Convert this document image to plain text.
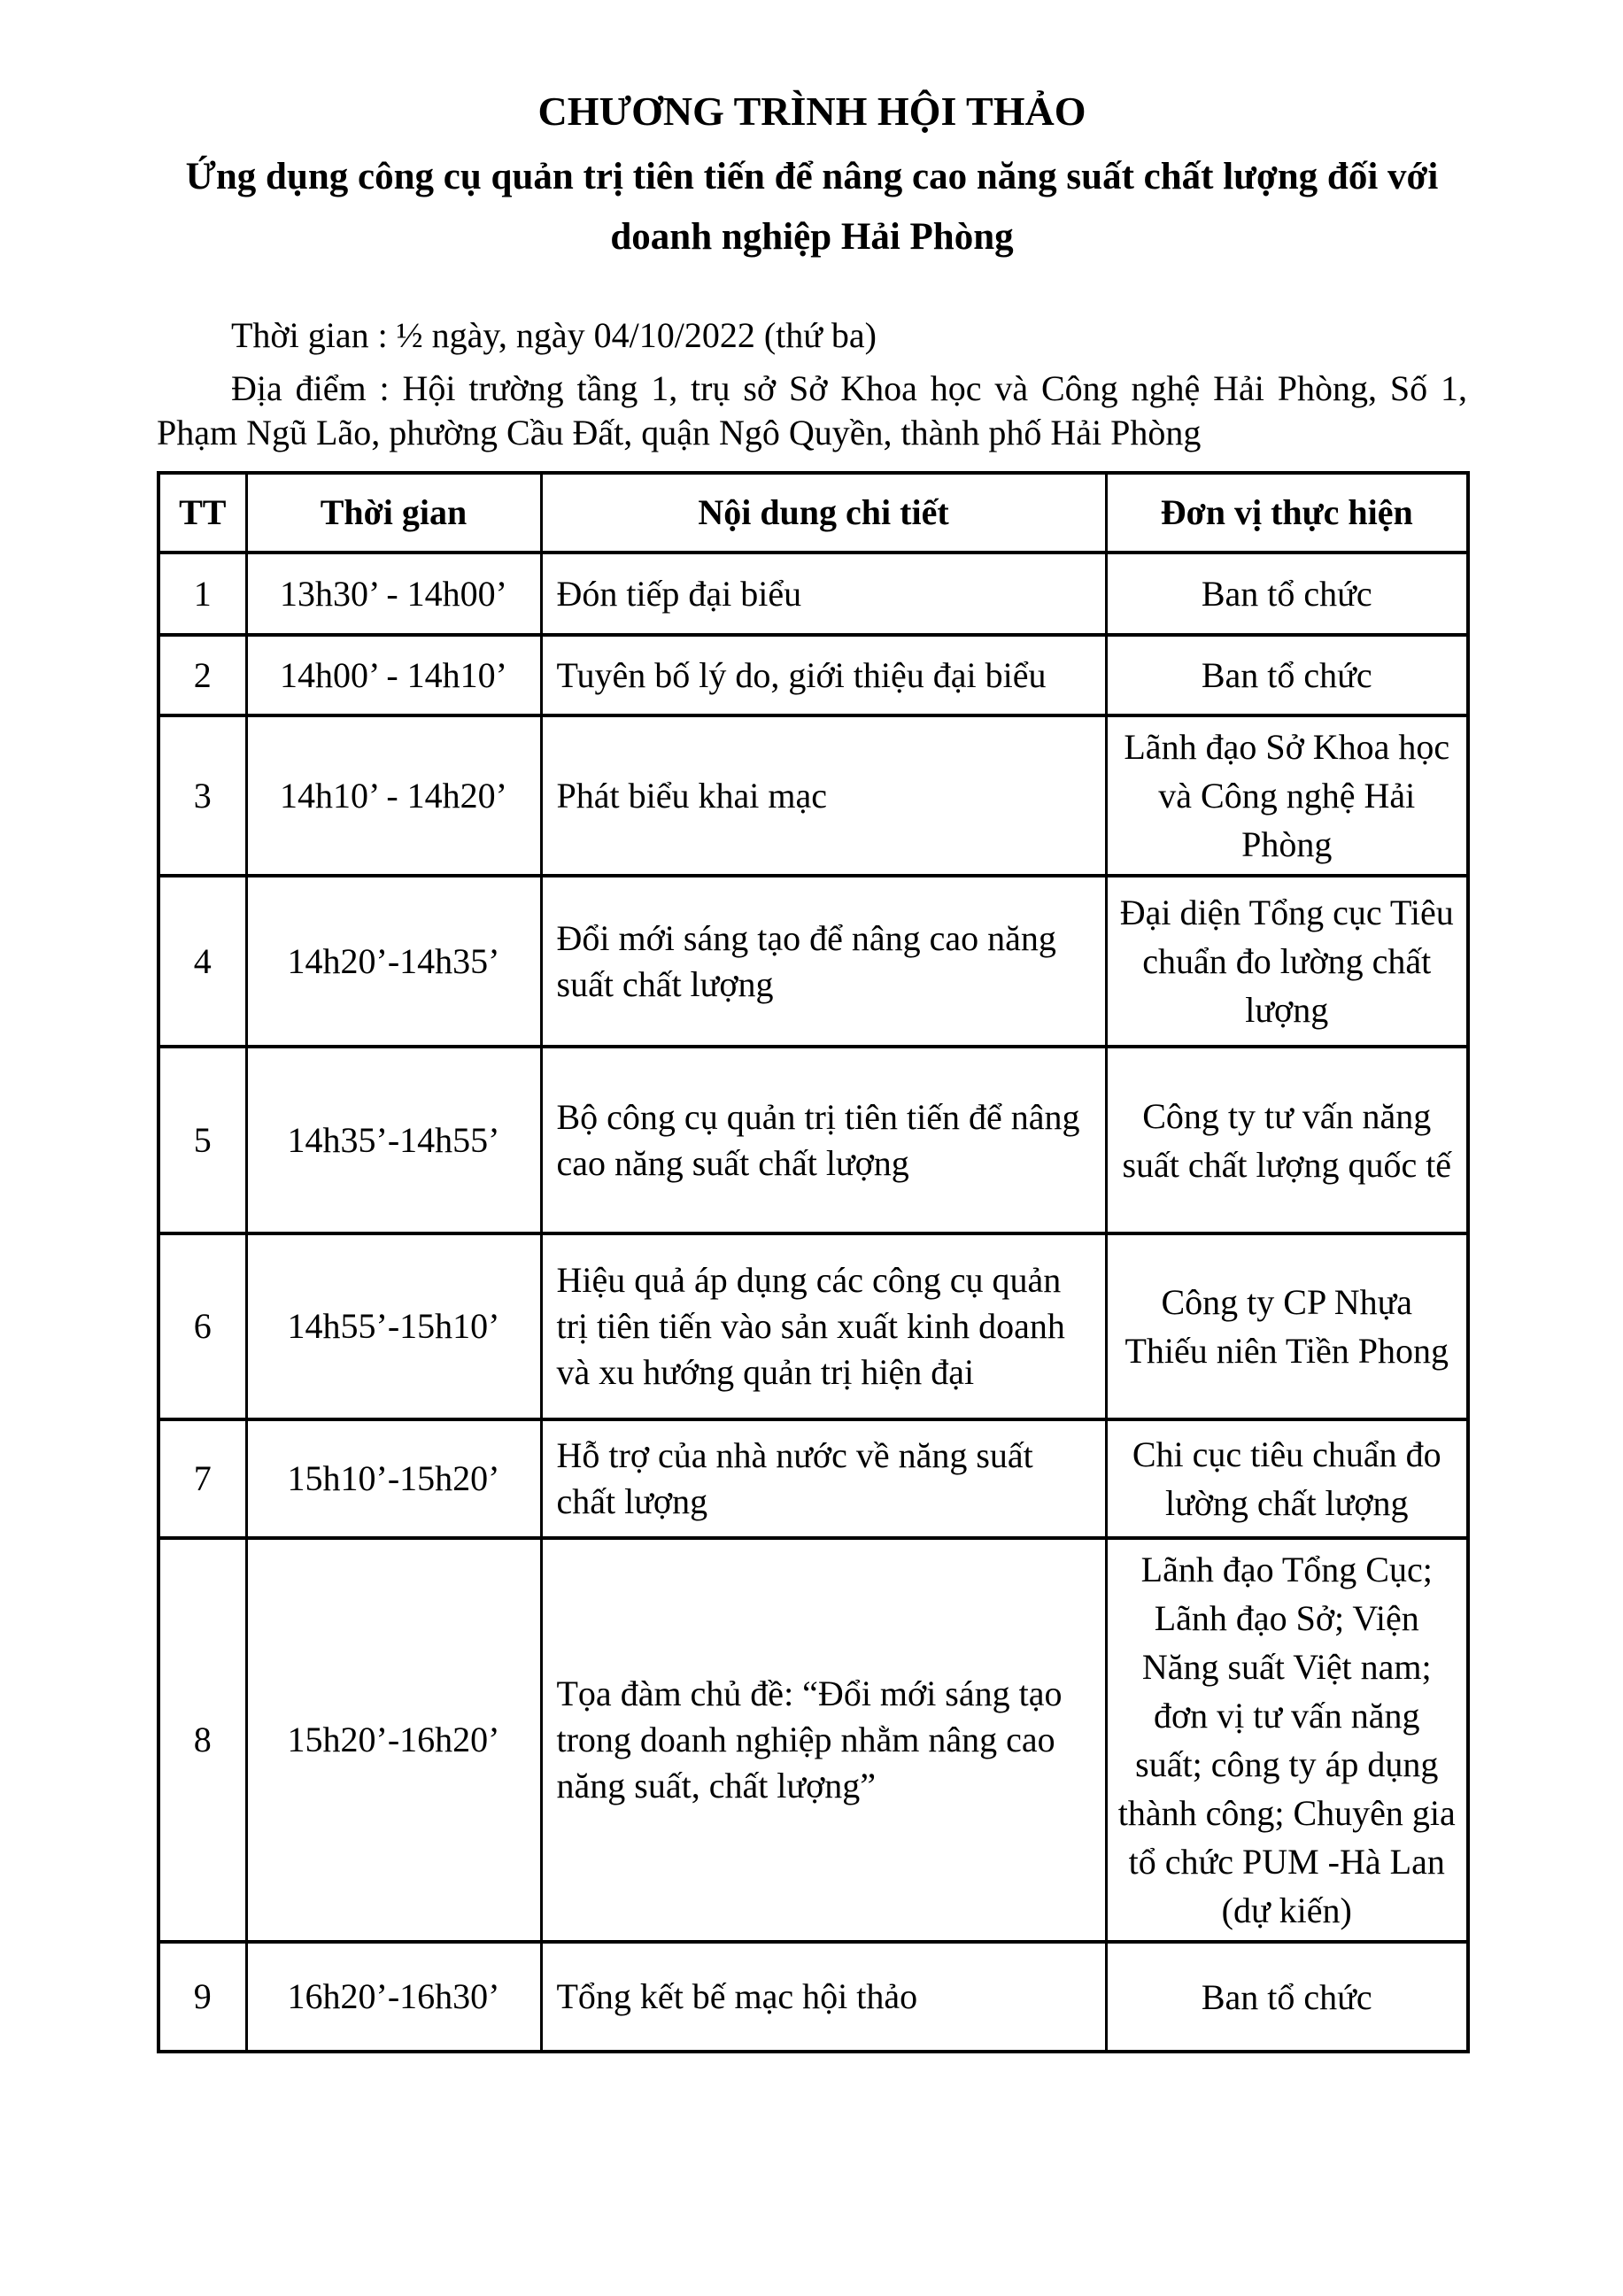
CHƯƠNG TRÌNH HỘI THẢO
Ứng dụng công cụ quản trị tiên tiến để nâng cao năng suất chất lượng đối với
doanh nghiệp Hải Phòng

Thời gian : ½ ngày, ngày 04/10/2022 (thứ ba)

Địa điểm : Hội trường tầng 1, trụ sở Sở Khoa học và Công nghệ Hải Phòng, Số 1, Phạm Ngũ Lão, phường Cầu Đất, quận Ngô Quyền, thành phố Hải Phòng

TT	Thời gian	Nội dung chi tiết	Đơn vị thực hiện
1	13h30’ - 14h00’	Đón tiếp đại biểu	Ban tổ chức
2	14h00’ - 14h10’	Tuyên bố lý do, giới thiệu đại biểu	Ban tổ chức
3	14h10’ - 14h20’	Phát biểu khai mạc	Lãnh đạo Sở Khoa học và Công nghệ Hải Phòng
4	14h20’-14h35’	Đổi mới sáng tạo để nâng cao năng suất chất lượng	Đại diện Tổng cục Tiêu chuẩn đo lường chất lượng
5	14h35’-14h55’	Bộ công cụ quản trị tiên tiến để nâng cao năng suất chất lượng	Công ty tư vấn năng suất chất lượng quốc tế
6	14h55’-15h10’	Hiệu quả áp dụng các công cụ quản trị tiên tiến vào sản xuất kinh doanh và xu hướng quản trị hiện đại	Công ty CP Nhựa Thiếu niên Tiền Phong
7	15h10’-15h20’	Hỗ trợ của nhà nước về năng suất chất lượng	Chi cục tiêu chuẩn đo lường chất lượng
8	15h20’-16h20’	Tọa đàm chủ đề: “Đổi mới sáng tạo trong doanh nghiệp nhằm nâng cao năng suất, chất lượng”	Lãnh đạo Tổng Cục; Lãnh đạo Sở; Viện Năng suất Việt nam; đơn vị tư vấn năng suất; công ty áp dụng thành công; Chuyên gia tổ chức PUM -Hà Lan (dự kiến)
9	16h20’-16h30’	Tổng kết bế mạc hội thảo	Ban tổ chức
